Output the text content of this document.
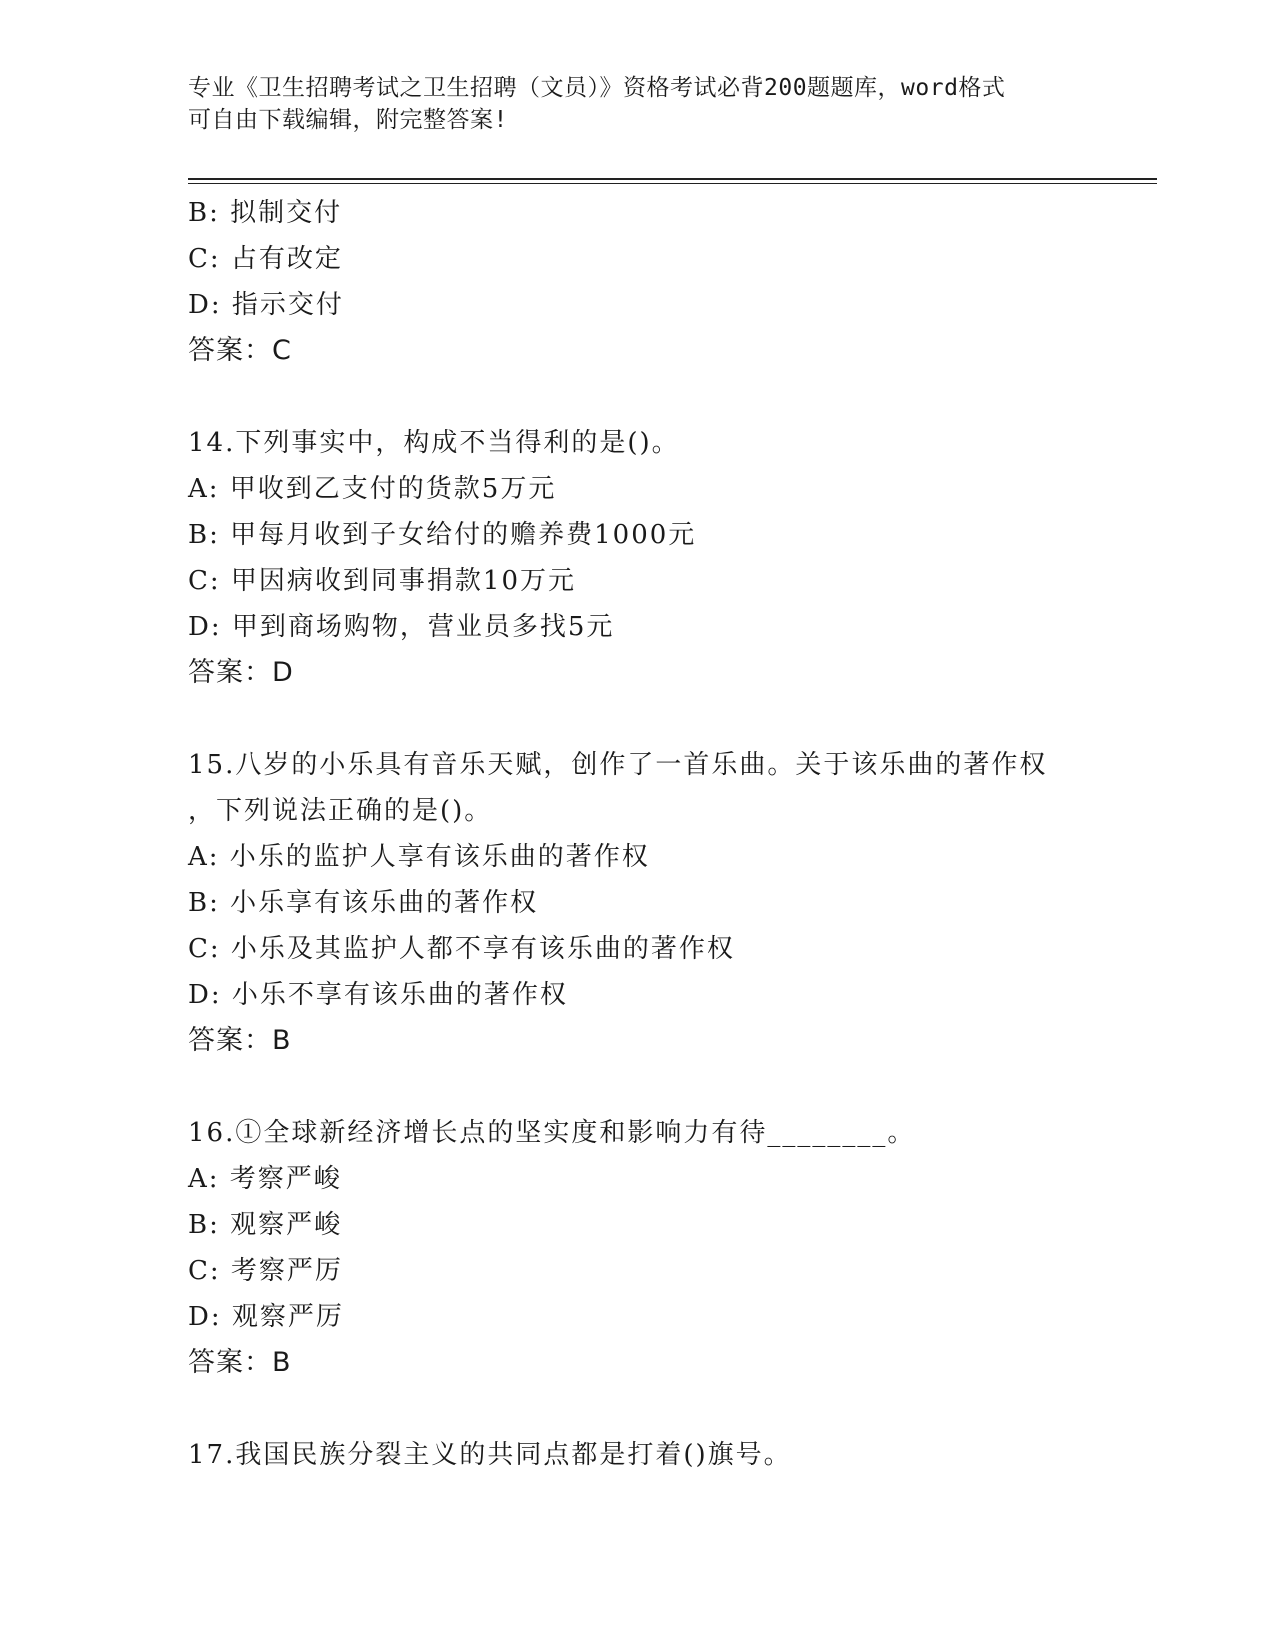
专业《卫生招聘考试之卫生招聘（文员）》资格考试必背200题题库，word格式
可自由下载编辑，附完整答案!
B: 拟制交付
C: 占有改定
D: 指示交付
答案：C
14.下列事实中，构成不当得利的是()。
A: 甲收到乙支付的货款5万元
B: 甲每月收到子女给付的赡养费1000元
C: 甲因病收到同事捐款10万元
D: 甲到商场购物，营业员多找5元
答案：D
15.八岁的小乐具有音乐天赋，创作了一首乐曲。关于该乐曲的著作权
，下列说法正确的是()。
A: 小乐的监护人享有该乐曲的著作权
B: 小乐享有该乐曲的著作权
C: 小乐及其监护人都不享有该乐曲的著作权
D: 小乐不享有该乐曲的著作权
答案：B
16.①全球新经济增长点的坚实度和影响力有待________。
A: 考察严峻
B: 观察严峻
C: 考察严厉
D: 观察严厉
答案：B
17.我国民族分裂主义的共同点都是打着()旗号。
